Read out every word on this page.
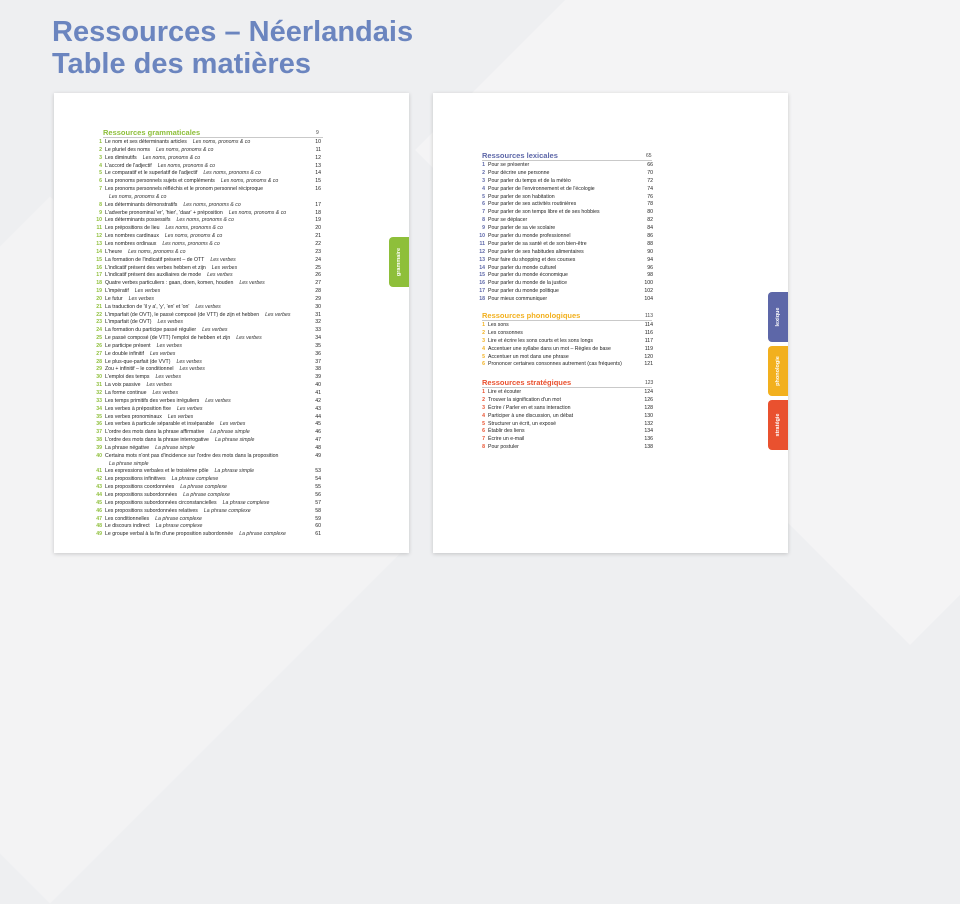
Ressources – Néerlandais
Table des matières
Ressources grammaticales	9
1 Le nom et ses déterminants articles Les noms, pronoms & co	10
2 Le pluriel des noms Les noms, pronoms & co	11
3 Les diminutifs Les noms, pronoms & co	12
4 L'accord de l'adjectif Les noms, pronoms & co	13
5 Le comparatif et le superlatif de l'adjectif Les noms, pronoms & co	14
6 Les pronoms personnels sujets et compléments Les noms, pronoms & co	15
7 Les pronoms personnels réfléchis et le pronom personnel réciproque	16
Les noms, pronoms & co
8 Les déterminants démonstratifs Les noms, pronoms & co	17
9 L'adverbe pronominal 'er', 'hier', 'daar' + préposition Les noms, pronoms & co	18
10 Les déterminants possessifs Les noms, pronoms & co	19
11 Les prépositions de lieu Les noms, pronoms & co	20
12 Les nombres cardinaux Les noms, pronoms & co	21
13 Les nombres ordinaux Les noms, pronoms & co	22
14 L'heure Les noms, pronoms & co	23
15 La formation de l'indicatif présent – de OTT Les verbes	24
16 L'indicatif présent des verbes hebben et zijn Les verbes	25
17 L'indicatif présent des auxiliaires de mode Les verbes	26
18 Quatre verbes particuliers : gaan, doen, komen, houden Les verbes	27
19 L'impératif Les verbes	28
20 Le futur Les verbes	29
21 La traduction de 'il y a', 'y', 'en' et 'on' Les verbes	30
22 L'imparfait (de OVT), le passé composé (de VTT) de zijn et hebben Les verbes	31
23 L'imparfait (de OVT) Les verbes	32
24 La formation du participe passé régulier Les verbes	33
25 Le passé composé (de VTT) l'emploi de hebben et zijn Les verbes	34
26 Le participe présent Les verbes	35
27 Le double infinitif Les verbes	36
28 Le plus-que-parfait (de VVT) Les verbes	37
29 Zou + infinitif – le conditionnel Les verbes	38
30 L'emploi des temps Les verbes	39
31 La voix passive Les verbes	40
32 La forme continue Les verbes	41
33 Les temps primitifs des verbes irréguliers Les verbes	42
34 Les verbes à préposition fixe Les verbes	43
35 Les verbes pronominaux Les verbes	44
36 Les verbes à particule séparable et inséparable Les verbes	45
37 L'ordre des mots dans la phrase affirmative La phrase simple	46
38 L'ordre des mots dans la phrase interrogative La phrase simple	47
39 La phrase négative La phrase simple	48
40 Certains mots n'ont pas d'incidence sur l'ordre des mots dans la proposition	49
La phrase simple
41 Les expressions verbales et le troisième pôle La phrase simple	53
42 Les propositions infinitives La phrase complexe	54
43 Les propositions coordonnées La phrase complexe	55
44 Les propositions subordonnées La phrase complexe	56
45 Les propositions subordonnées circonstancielles La phrase complexe	57
46 Les propositions subordonnées relatives La phrase complexe	58
47 Les conditionnelles La phrase complexe	59
48 Le discours indirect La phrase complexe	60
49 Le groupe verbal à la fin d'une proposition subordonnée La phrase complexe	61
grammaire
Ressources lexicales	65
1 Pour se présenter	66
2 Pour décrire une personne	70
3 Pour parler du temps et de la météo	72
4 Pour parler de l'environnement et de l'écologie	74
5 Pour parler de son habitation	76
6 Pour parler de ses activités routinières	78
7 Pour parler de son temps libre et de ses hobbies	80
8 Pour se déplacer	82
9 Pour parler de sa vie scolaire	84
10 Pour parler du monde professionnel	86
11 Pour parler de sa santé et de son bien-être	88
12 Pour parler de ses habitudes alimentaires	90
13 Pour faire du shopping et des courses	94
14 Pour parler du monde culturel	96
15 Pour parler du monde économique	98
16 Pour parler du monde de la justice	100
17 Pour parler du monde politique	102
18 Pour mieux communiquer	104
Ressources phonologiques	113
1 Les sons	114
2 Les consonnes	116
3 Lire et écrire les sons courts et les sons longs	117
4 Accentuer une syllabe dans un mot – Règles de base	119
5 Accentuer un mot dans une phrase	120
6 Prononcer certaines consonnes autrement (cas fréquents)	121
Ressources stratégiques	123
1 Lire et écouter	124
2 Trouver la signification d'un mot	126
3 Écrire / Parler en et sans interaction	128
4 Participer à une discussion, un débat	130
5 Structurer un écrit, un exposé	132
6 Établir des liens	134
7 Écrire un e-mail	136
8 Pour postuler	138
lexique
phonologie
stratégie
